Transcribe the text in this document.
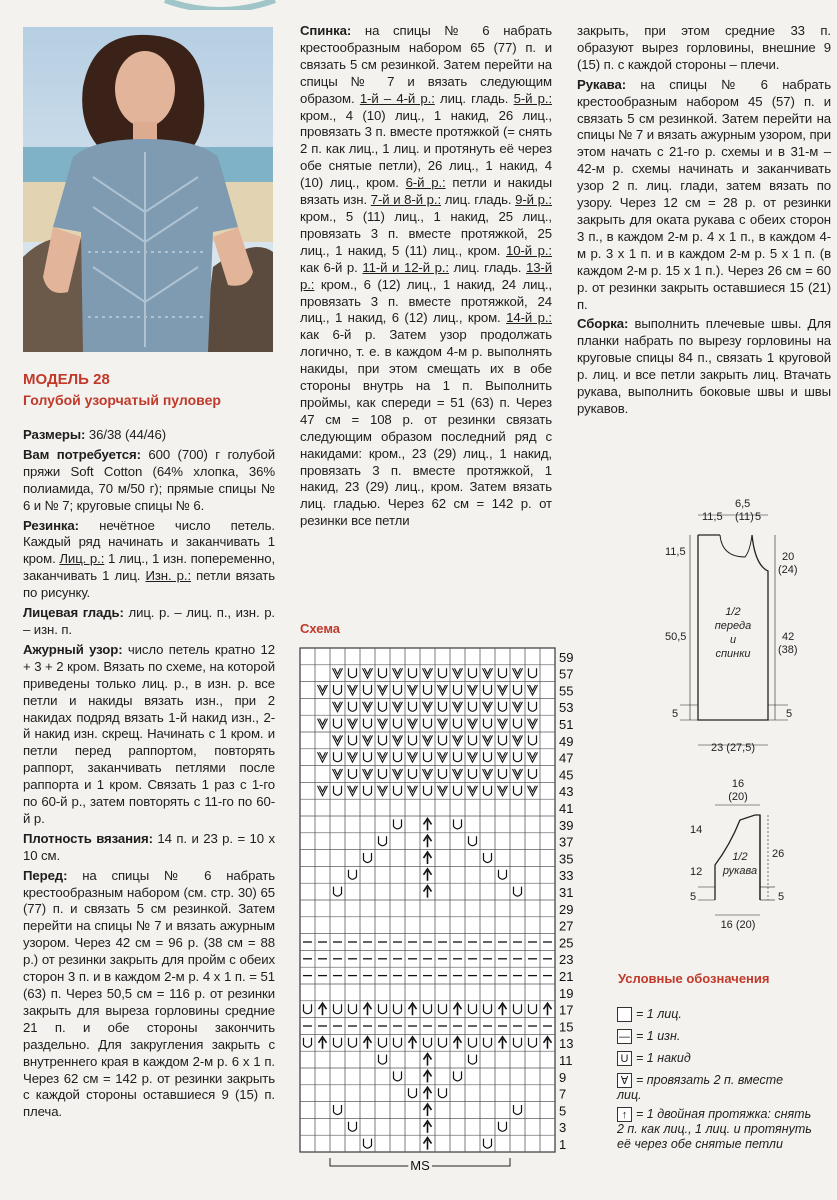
МОДЕЛЬ 28
Голубой узорчатый пуловер

Размеры: 36/38 (44/46)

Вам потребуется: 600 (700) г голубой пряжи Soft Cotton (64% хлопка, 36% полиамида, 70 м/50 г); прямые спицы № 6 и № 7; круговые спицы № 6.

Резинка: нечётное число петель. Каждый ряд начинать и заканчивать 1 кром. Лиц. р.: 1 лиц., 1 изн. попеременно, заканчивать 1 лиц. Изн. р.: петли вязать по рисунку.

Лицевая гладь: лиц. р. – лиц. п., изн. р. – изн. п.

Ажурный узор: число петель кратно 12 + 3 + 2 кром. Вязать по схеме, на которой приведены только лиц. р., в изн. р. все петли и накиды вязать изн., при 2 накидах подряд вязать 1-й накид изн., 2-й накид изн. скрещ. Начинать с 1 кром. и петли перед раппортом, повторять раппорт, заканчивать петлями после раппорта и 1 кром. Связать 1 раз с 1-го по 60-й р., затем повторять с 11-го по 60-й р.

Плотность вязания: 14 п. и 23 р. = 10 х 10 см.

Перед: на спицы № 6 набрать крестообразным набором (см. стр. 30) 65 (77) п. и связать 5 см резинкой. Затем перейти на спицы № 7 и вязать ажурным узором. Через 42 см = 96 р. (38 см = 88 р.) от резинки закрыть для пройм с обеих сторон 3 п. и в каждом 2-м р. 4 х 1 п. = 51 (63) п. Через 50,5 см = 116 р. от резинки закрыть для выреза горловины средние 21 п. и обе стороны закончить раздельно. Для закругления закрыть с внутреннего края в каждом 2-м р. 6 х 1 п. Через 62 см = 142 р. от резинки закрыть с каждой стороны оставшиеся 9 (15) п. плеча.

Спинка: на спицы № 6 набрать крестообразным набором 65 (77) п. и связать 5 см резинкой. Затем перейти на спицы № 7 и вязать следующим образом. 1-й – 4-й р.: лиц. гладь. 5-й р.: кром., 4 (10) лиц., 1 накид, 26 лиц., провязать 3 п. вместе протяжкой (= снять 2 п. как лиц., 1 лиц. и протянуть её через обе снятые петли), 26 лиц., 1 накид, 4 (10) лиц., кром. 6-й р.: петли и накиды вязать изн. 7-й и 8-й р.: лиц. гладь. 9-й р.: кром., 5 (11) лиц., 1 накид, 25 лиц., провязать 3 п. вместе протяжкой, 25 лиц., 1 накид, 5 (11) лиц., кром. 10-й р.: как 6-й р. 11-й и 12-й р.: лиц. гладь. 13-й р.: кром., 6 (12) лиц., 1 накид, 24 лиц., провязать 3 п. вместе протяжкой, 24 лиц., 1 накид, 6 (12) лиц., кром. 14-й р.: как 6-й р. Затем узор продолжать логично, т. е. в каждом 4-м р. выполнять накиды, при этом смещать их в обе стороны внутрь на 1 п. Выполнить проймы, как спереди = 51 (63) п. Через 47 см = 108 р. от резинки связать следующим образом последний ряд с накидами: кром., 23 (29) лиц., 1 накид, провязать 3 п. вместе протяжкой, 1 накид, 23 (29) лиц., кром. Затем вязать лиц. гладью. Через 62 см = 142 р. от резинки все петли

закрыть, при этом средние 33 п. образуют вырез горловины, внешние 9 (15) п. с каждой стороны – плечи.

Рукава: на спицы № 6 набрать крестообразным набором 45 (57) п. и связать 5 см резинкой. Затем перейти на спицы № 7 и вязать ажурным узором, при этом начать с 21-го р. схемы и в 31-м – 42-м р. схемы начинать и заканчивать узор 2 п. лиц. глади, затем вязать по узору. Через 12 см = 28 р. от резинки закрыть для оката рукава с обеих сторон 3 п., в каждом 2-м р. 4 х 1 п., в каждом 4-м р. 3 х 1 п. и в каждом 2-м р. 5 х 1 п. (в каждом 2-м р. 15 х 1 п.). Через 26 см = 60 р. от резинки закрыть оставшиеся 15 (21) п.

Сборка: выполнить плечевые швы. Для планки набрать по вырезу горловины на круговые спицы 84 п., связать 1 круговой р. лиц. и все петли закрыть лиц. Втачать рукава, выполнить боковые швы и швы рукавов.

Схема
1
3
5
7
9
11
13
15
17
19
21
23
25
27
29
31
33
35
37
39
41
43
45
47
49
51
53
55
57
59
MS
11,5
6,5
(11) 5
11,5
50,5
5
20
(24)
42
(38)
5
1/2
переда
и
спинки
23 (27,5)
16
(20)
14
12
5
26
5
1/2
рукава
16 (20)
Условные обозначения
= 1 лиц.
— = 1 изн.
U = 1 накид
∀ = провязать 2 п. вместе лиц.
↑ = 1 двойная протяжка: снять 2 п. как лиц., 1 лиц. и протянуть её через обе снятые петли
